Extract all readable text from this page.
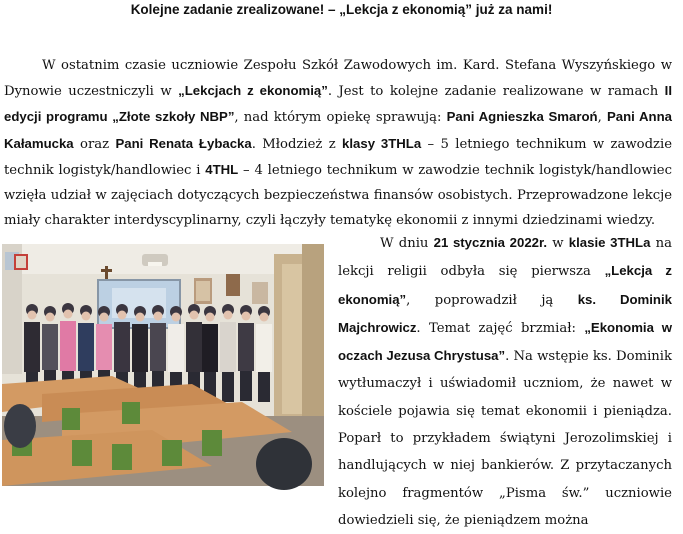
Kolejne zadanie zrealizowane! – „Lekcja z ekonomią” już za nami!
W ostatnim czasie uczniowie Zespołu Szkół Zawodowych im. Kard. Stefana Wyszyńskiego w Dynowie uczestniczyli w „Lekcjach z ekonomią”. Jest to kolejne zadanie realizowane w ramach II edycji programu „Złote szkoły NBP”, nad którym opiekę sprawują: Pani Agnieszka Smaroń, Pani Anna Kałamucka oraz Pani Renata Łybacka. Młodzież z klasy 3THLa – 5 letniego technikum w zawodzie technik logistyk/handlowiec i 4THL – 4 letniego technikum w zawodzie technik logistyk/handlowiec wzięła udział w zajęciach dotyczących bezpieczeństwa finansów osobistych. Przeprowadzone lekcje miały charakter interdyscyplinarny, czyli łączyły tematykę ekonomii z innymi dziedzinami wiedzy.
W dniu 21 stycznia 2022r. w klasie 3THLa na lekcji religii odbyła się pierwsza „Lekcja z ekonomią”, poprowadził ją ks. Dominik Majchrowicz. Temat zajęć brzmiał: „Ekonomia w oczach Jezusa Chrystusa”. Na wstępie ks. Dominik wytłumaczył i uświadomił uczniom, że nawet w kościele pojawia się temat ekonomii i pieniądza. Poparł to przykładem świątyni Jerozolimskiej i handlujących w niej bankierów. Z przytaczanych kolejno fragmentów „Pisma św.” uczniowie dowiedzieli się, że pieniądzem można
